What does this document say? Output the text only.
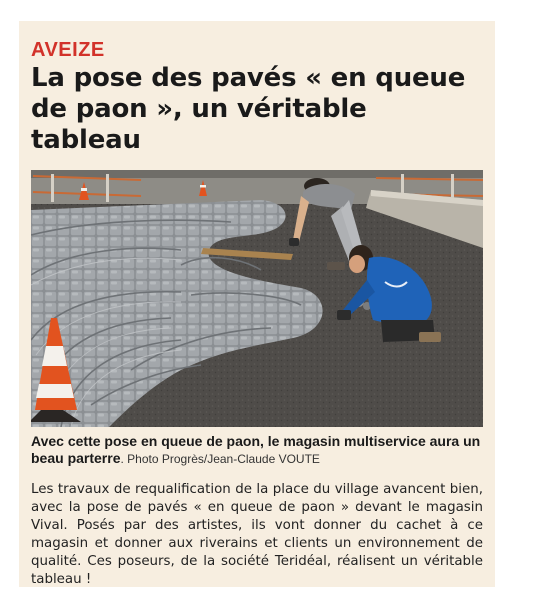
AVEIZE
La pose des pavés « en queue de paon », un véritable tableau
Avec cette pose en queue de paon, le magasin multiservice aura un beau parterre. Photo Progrès/Jean-Claude VOUTE
Les travaux de requalification de la place du village avancent bien, avec la pose de pavés « en queue de paon » devant le magasin Vival. Posés par des artistes, ils vont donner du cachet à ce magasin et donner aux riverains et clients un environnement de qualité. Ces poseurs, de la société Teridéal, réalisent un véritable tableau !
